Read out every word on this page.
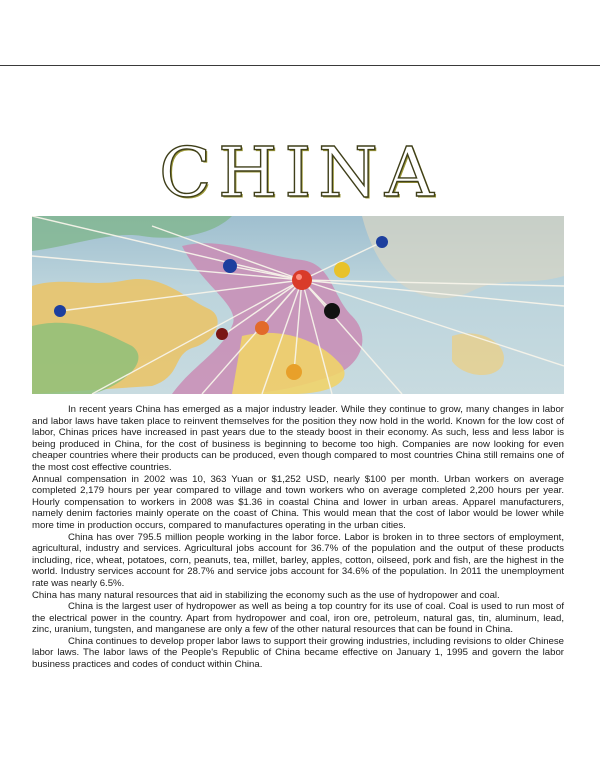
CHINA

In recent years China has emerged as a major industry leader. While they continue to grow, many changes in labor and labor laws have taken place to reinvent themselves for the position they now hold in the world. Known for the low cost of labor, Chinas prices have increased in past years due to the steady boost in their economy. As such, less and less labor is being produced in China, for the cost of business is beginning to become too high. Companies are now looking for even cheaper countries where their products can be produced, even though compared to most countries China still remains one of the most cost effective countries.

Annual compensation in 2002 was 10, 363 Yuan or $1,252 USD, nearly $100 per month. Urban workers on average completed 2,179 hours per year compared to village and town workers who on average completed 2,200 hours per year. Hourly compensation to workers in 2008 was $1.36 in coastal China and lower in urban areas. Apparel manufacturers, namely denim factories mainly operate on the coast of China. This would mean that the cost of labor would be lower while more time in production occurs, compared to manufactures operating in the urban cities.

China has over 795.5 million people working in the labor force. Labor is broken in to three sectors of employment, agricultural, industry and services. Agricultural jobs account for 36.7% of the population and the output of these products including, rice, wheat, potatoes, corn, peanuts, tea, millet, barley, apples, cotton, oilseed, pork and fish, are the highest in the world. Industry services account for 28.7% and service jobs account for 34.6% of the population. In 2011 the unemployment rate was nearly 6.5%.

China has many natural resources that aid in stabilizing the economy such as the use of hydropower and coal.

China is the largest user of hydropower as well as being a top country for its use of coal. Coal is used to run most of the electrical power in the country. Apart from hydropower and coal, iron ore, petroleum, natural gas, tin, aluminum, lead, zinc, uranium, tungsten, and manganese are only a few of the other natural resources that can be found in China.

China continues to develop proper labor laws to support their growing industries, including revisions to older Chinese labor laws. The labor laws of the People's Republic of China became effective on January 1, 1995 and govern the labor business practices and codes of conduct within China.
